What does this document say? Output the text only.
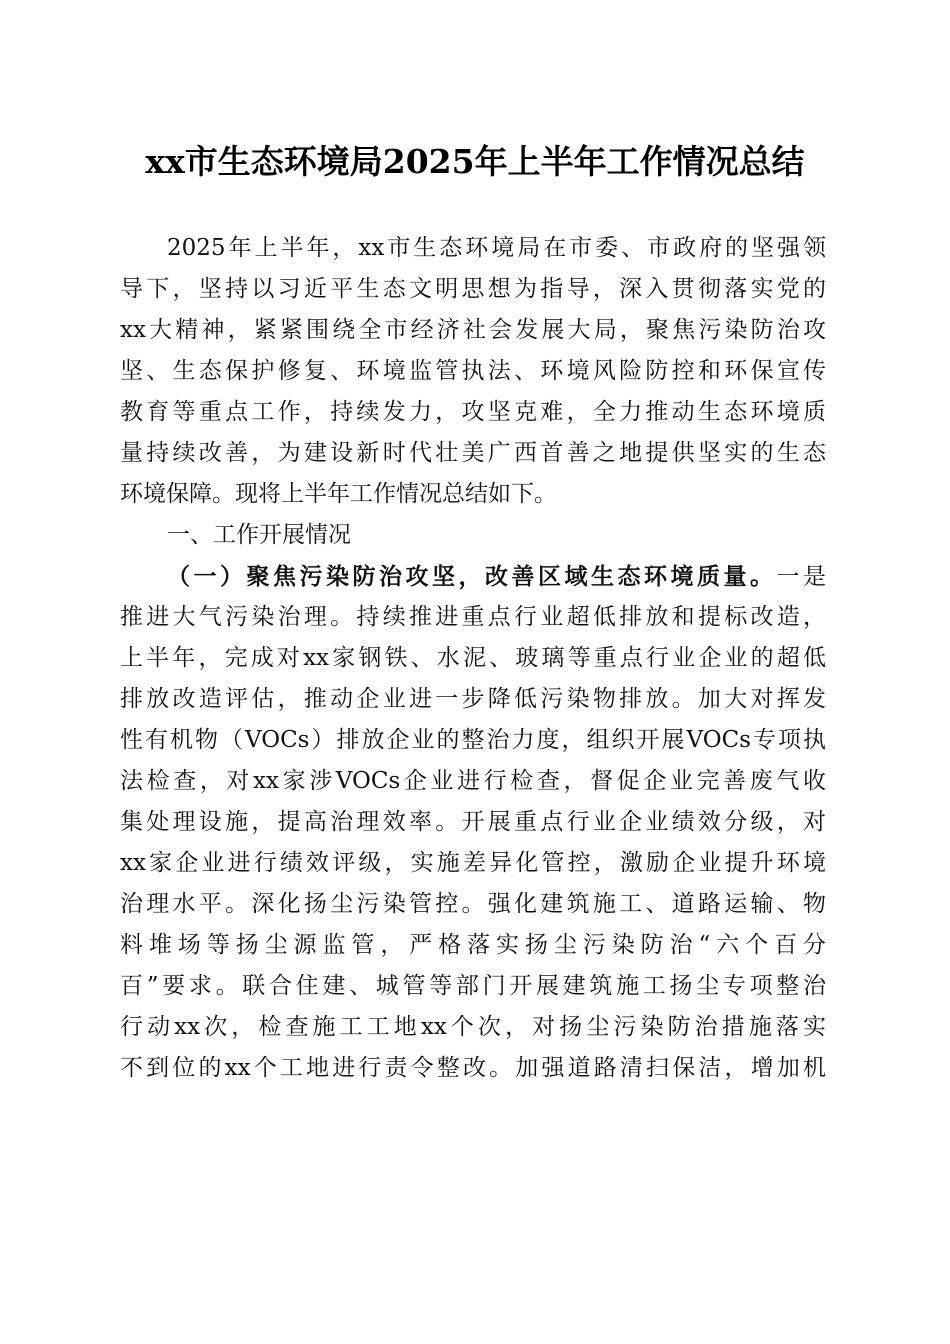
xx市生态环境局2025年上半年工作情况总结
2025年上半年，xx市生态环境局在市委、市政府的坚强领
导下，坚持以习近平生态文明思想为指导，深入贯彻落实党的
xx大精神，紧紧围绕全市经济社会发展大局，聚焦污染防治攻
坚、生态保护修复、环境监管执法、环境风险防控和环保宣传
教育等重点工作，持续发力，攻坚克难，全力推动生态环境质
量持续改善，为建设新时代壮美广西首善之地提供坚实的生态
环境保障。现将上半年工作情况总结如下。
一、工作开展情况
（一）聚焦污染防治攻坚，改善区域生态环境质量。一是
推进大气污染治理。持续推进重点行业超低排放和提标改造，
上半年，完成对xx家钢铁、水泥、玻璃等重点行业企业的超低
排放改造评估，推动企业进一步降低污染物排放。加大对挥发
性有机物（VOCs）排放企业的整治力度，组织开展VOCs专项执
法检查，对xx家涉VOCs企业进行检查，督促企业完善废气收
集处理设施，提高治理效率。开展重点行业企业绩效分级，对
xx家企业进行绩效评级，实施差异化管控，激励企业提升环境
治理水平。深化扬尘污染管控。强化建筑施工、道路运输、物
料堆场等扬尘源监管，严格落实扬尘污染防治“六个百分
百”要求。联合住建、城管等部门开展建筑施工扬尘专项整治
行动xx次，检查施工工地xx个次，对扬尘污染防治措施落实
不到位的xx个工地进行责令整改。加强道路清扫保洁，增加机
